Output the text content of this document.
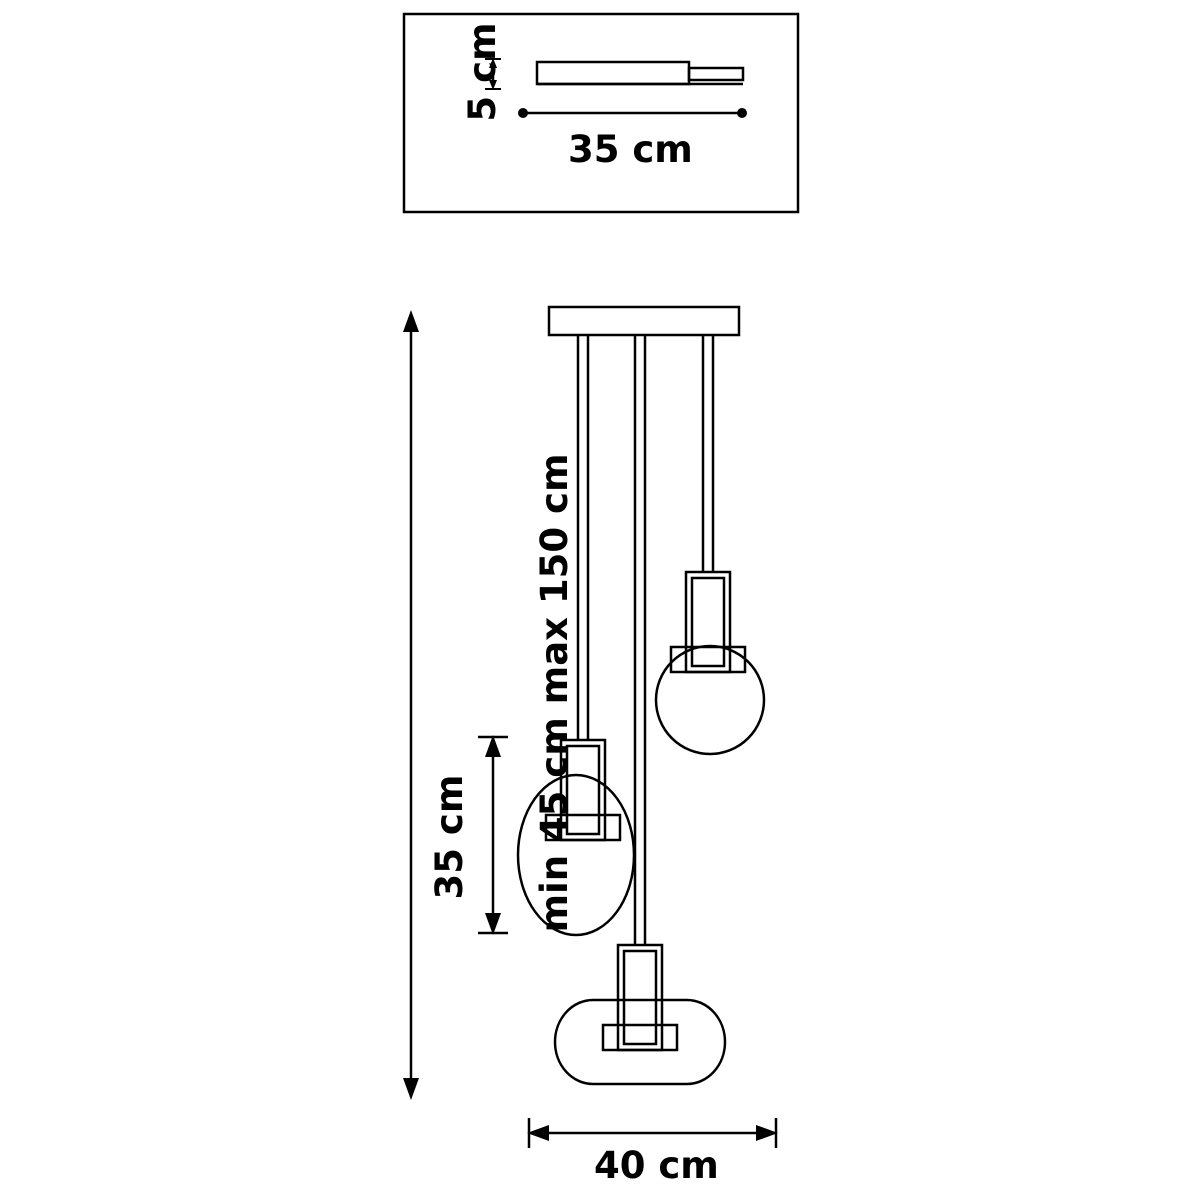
5 cm
35 cm
min 45 cm max 150 cm
35 cm
40 cm
